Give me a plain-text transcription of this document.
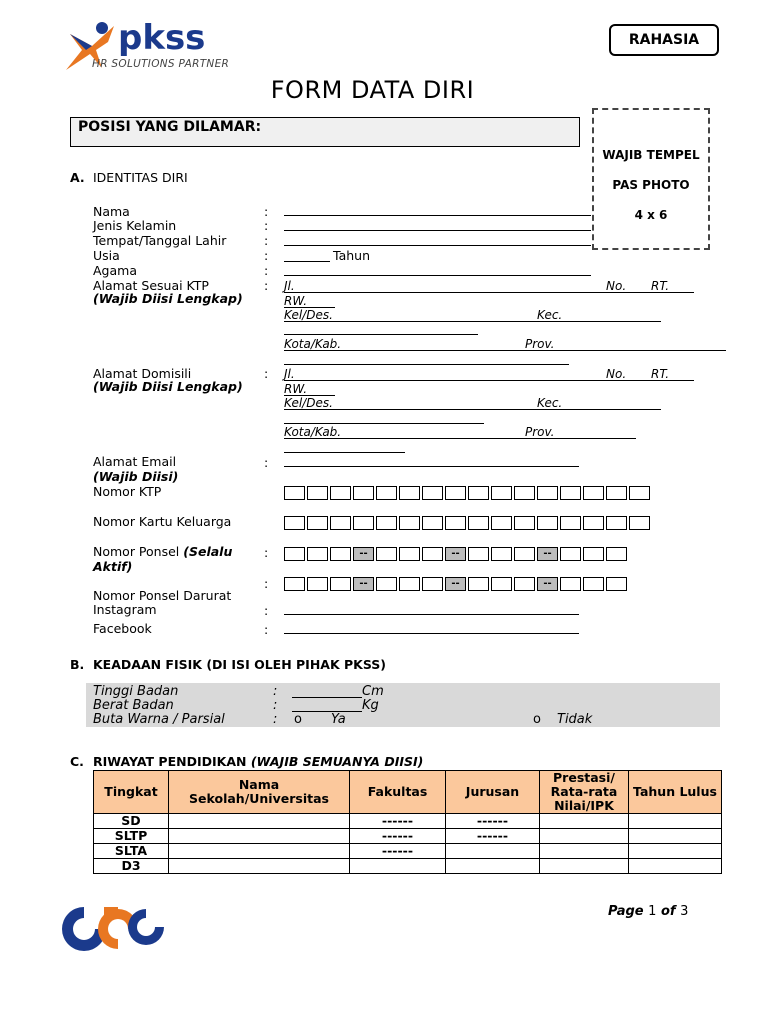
pkss
HR SOLUTIONS PARTNER
RAHASIA
FORM DATA DIRI
POSISI YANG DILAMAR:
WAJIB TEMPEL
PAS PHOTO
4 x 6
A. IDENTITAS DIRI
Nama	:
Jenis Kelamin	:
Tempat/Tanggal Lahir	:
Usia	:	Tahun
Agama	:
Alamat Sesuai KTP
(Wajib Diisi Lengkap)
: Jl.	No. RT.
RW.
Kel/Des.	Kec.
Kota/Kab.	Prov.
Alamat Domisili
(Wajib Diisi Lengkap)
: Jl.	No. RT.
RW.
Kel/Des.	Kec.
Kota/Kab.	Prov.
Alamat Email
(Wajib Diisi)
:
Nomor KTP
Nomor Kartu Keluarga
Nomor Ponsel (Selalu
Aktif)
:	--	--	--
:	--	--	--
Nomor Ponsel Darurat
Instagram	:
Facebook	:
B. KEADAAN FISIK (DI ISI OLEH PIHAK PKSS)
Tinggi Badan	:	Cm
Berat Badan	:	Kg
Buta Warna / Parsial	: o Ya	o Tidak
C. RIWAYAT PENDIDIKAN (WAJIB SEMUANYA DIISI)
Tingkat	Nama Sekolah/Universitas	Fakultas	Jurusan	Prestasi/ Rata-rata Nilai/IPK	Tahun Lulus
SD		------	------		
SLTP		------	------		
SLTA		------			
D3					
Page 1 of 3
